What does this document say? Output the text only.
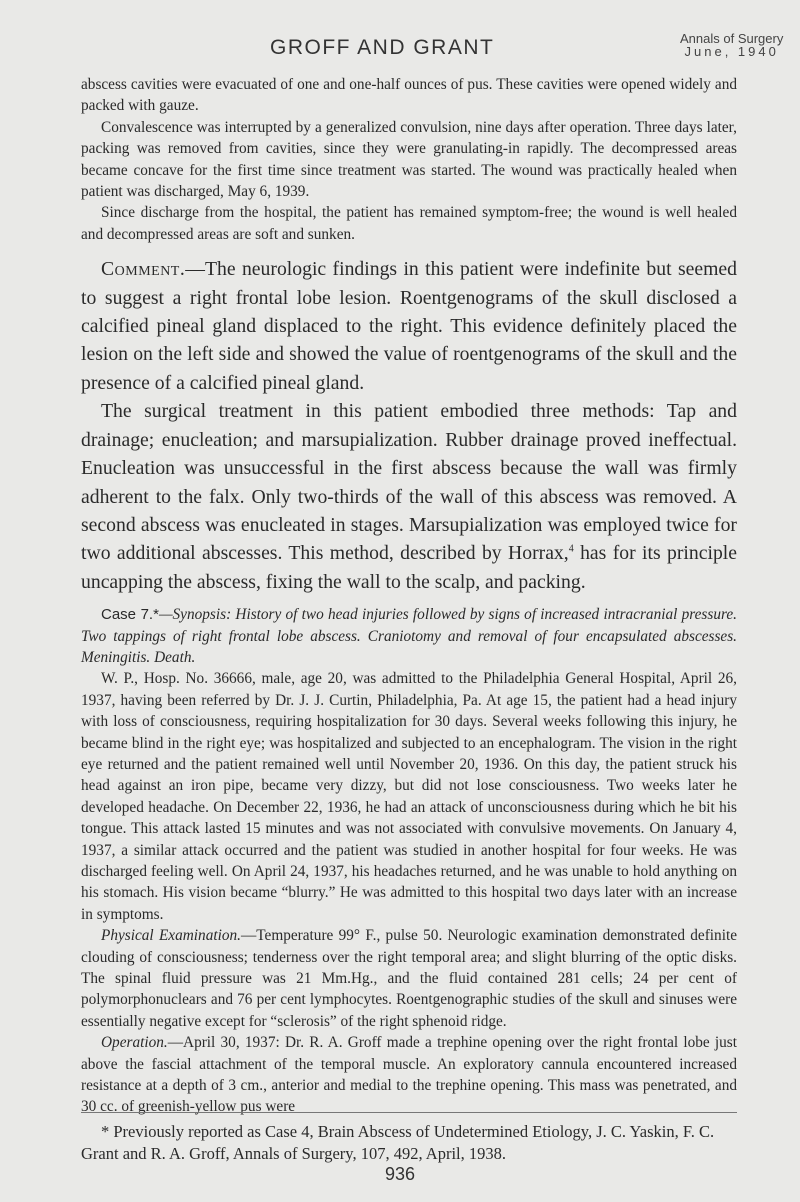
GROFF AND GRANT	Annals of Surgery
June, 1940

abscess cavities were evacuated of one and one-half ounces of pus. These cavities were opened widely and packed with gauze.

Convalescence was interrupted by a generalized convulsion, nine days after operation. Three days later, packing was removed from cavities, since they were granulating-in rapidly. The decompressed areas became concave for the first time since treatment was started. The wound was practically healed when patient was discharged, May 6, 1939.

Since discharge from the hospital, the patient has remained symptom-free; the wound is well healed and decompressed areas are soft and sunken.

Comment.—The neurologic findings in this patient were indefinite but seemed to suggest a right frontal lobe lesion. Roentgenograms of the skull disclosed a calcified pineal gland displaced to the right. This evidence definitely placed the lesion on the left side and showed the value of roentgenograms of the skull and the presence of a calcified pineal gland.

The surgical treatment in this patient embodied three methods: Tap and drainage; enucleation; and marsupialization. Rubber drainage proved ineffectual. Enucleation was unsuccessful in the first abscess because the wall was firmly adherent to the falx. Only two-thirds of the wall of this abscess was removed. A second abscess was enucleated in stages. Marsupialization was employed twice for two additional abscesses. This method, described by Horrax,$^4$ has for its principle uncapping the abscess, fixing the wall to the scalp, and packing.

Case 7.*—Synopsis: History of two head injuries followed by signs of increased intracranial pressure. Two tappings of right frontal lobe abscess. Craniotomy and removal of four encapsulated abscesses. Meningitis. Death.

W. P., Hosp. No. 36666, male, age 20, was admitted to the Philadelphia General Hospital, April 26, 1937, having been referred by Dr. J. J. Curtin, Philadelphia, Pa. At age 15, the patient had a head injury with loss of consciousness, requiring hospitalization for 30 days. Several weeks following this injury, he became blind in the right eye; was hospitalized and subjected to an encephalogram. The vision in the right eye returned and the patient remained well until November 20, 1936. On this day, the patient struck his head against an iron pipe, became very dizzy, but did not lose consciousness. Two weeks later he developed headache. On December 22, 1936, he had an attack of unconsciousness during which he bit his tongue. This attack lasted 15 minutes and was not associated with convulsive movements. On January 4, 1937, a similar attack occurred and the patient was studied in another hospital for four weeks. He was discharged feeling well. On April 24, 1937, his headaches returned, and he was unable to hold anything on his stomach. His vision became “blurry.” He was admitted to this hospital two days later with an increase in symptoms.

Physical Examination.—Temperature 99° F., pulse 50. Neurologic examination demonstrated definite clouding of consciousness; tenderness over the right temporal area; and slight blurring of the optic disks. The spinal fluid pressure was 21 Mm.Hg., and the fluid contained 281 cells; 24 per cent of polymorphonuclears and 76 per cent lymphocytes. Roentgenographic studies of the skull and sinuses were essentially negative except for “sclerosis” of the right sphenoid ridge.

Operation.—April 30, 1937: Dr. R. A. Groff made a trephine opening over the right frontal lobe just above the fascial attachment of the temporal muscle. An exploratory cannula encountered increased resistance at a depth of 3 cm., anterior and medial to the trephine opening. This mass was penetrated, and 30 cc. of greenish-yellow pus were

* Previously reported as Case 4, Brain Abscess of Undetermined Etiology, J. C. Yaskin, F. C. Grant and R. A. Groff, Annals of Surgery, 107, 492, April, 1938.

936
